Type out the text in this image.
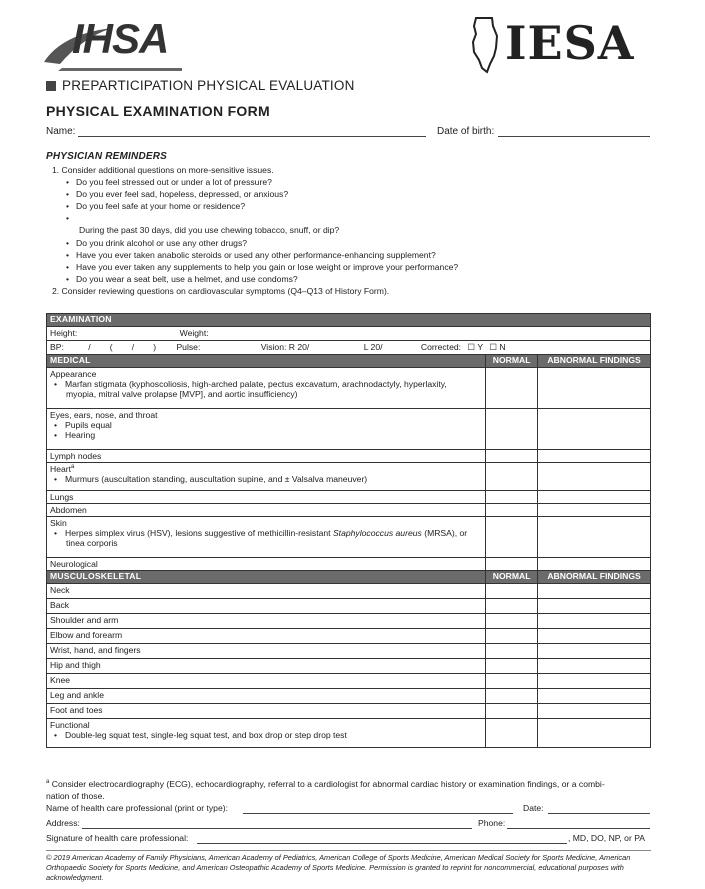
IHSA	IESA
PREPARTICIPATION PHYSICAL EVALUATION
PHYSICAL EXAMINATION FORM
Name:	Date of birth:
PHYSICIAN REMINDERS
1. Consider additional questions on more-sensitive issues.
• Do you feel stressed out or under a lot of pressure?
• Do you ever feel sad, hopeless, depressed, or anxious?
• Do you feel safe at your home or residence?
•
During the past 30 days, did you use chewing tobacco, snuff, or dip?
• Do you drink alcohol or use any other drugs?
• Have you ever taken anabolic steroids or used any other performance-enhancing supplement?
• Have you ever taken any supplements to help you gain or lose weight or improve your performance?
• Do you wear a seat belt, use a helmet, and use condoms?
2. Consider reviewing questions on cardiovascular symptoms (Q4–Q13 of History Form).
EXAMINATION		
Height: Weight:		
BP: /        (        /        ) Pulse: Vision: R 20/ L 20/ Corrected: ☐ Y ☐ N		
MEDICAL	NORMAL	ABNORMAL FINDINGS

Appearance
• Marfan stigmata (kyphoscoliosis, high-arched palate, pectus excavatum, arachnodactyly, hyperlaxity,
myopia, mitral valve prolapse [MVP], and aortic insufficiency)

Eyes, ears, nose, and throat
• Pupils equal
• Hearing

Lymph nodes		

Heart$^a$
• Murmurs (auscultation standing, auscultation supine, and ± Valsalva maneuver)

Lungs		
Abdomen		

Skin
• Herpes simplex virus (HSV), lesions suggestive of methicillin-resistant Staphylococcus aureus (MRSA), or
tinea corporis

Neurological		
MUSCULOSKELETAL	NORMAL	ABNORMAL FINDINGS
Neck		
Back		
Shoulder and arm		
Elbow and forearm		
Wrist, hand, and fingers		
Hip and thigh		
Knee		
Leg and ankle		
Foot and toes		

Functional
• Double-leg squat test, single-leg squat test, and box drop or step drop test

$^a$ Consider electrocardiography (ECG), echocardiography, referral to a cardiologist for abnormal cardiac history or examination findings, or a combi-
nation of those.
Name of health care professional (print or type):	Date:
Address:	Phone:
Signature of health care professional:	, MD, DO, NP, or PA
© 2019 American Academy of Family Physicians, American Academy of Pediatrics, American College of Sports Medicine, American Medical Society for Sports Medicine, American Orthopaedic Society for Sports Medicine, and American Osteopathic Academy of Sports Medicine. Permission is granted to reprint for noncommercial, educational purposes with acknowledgment.
